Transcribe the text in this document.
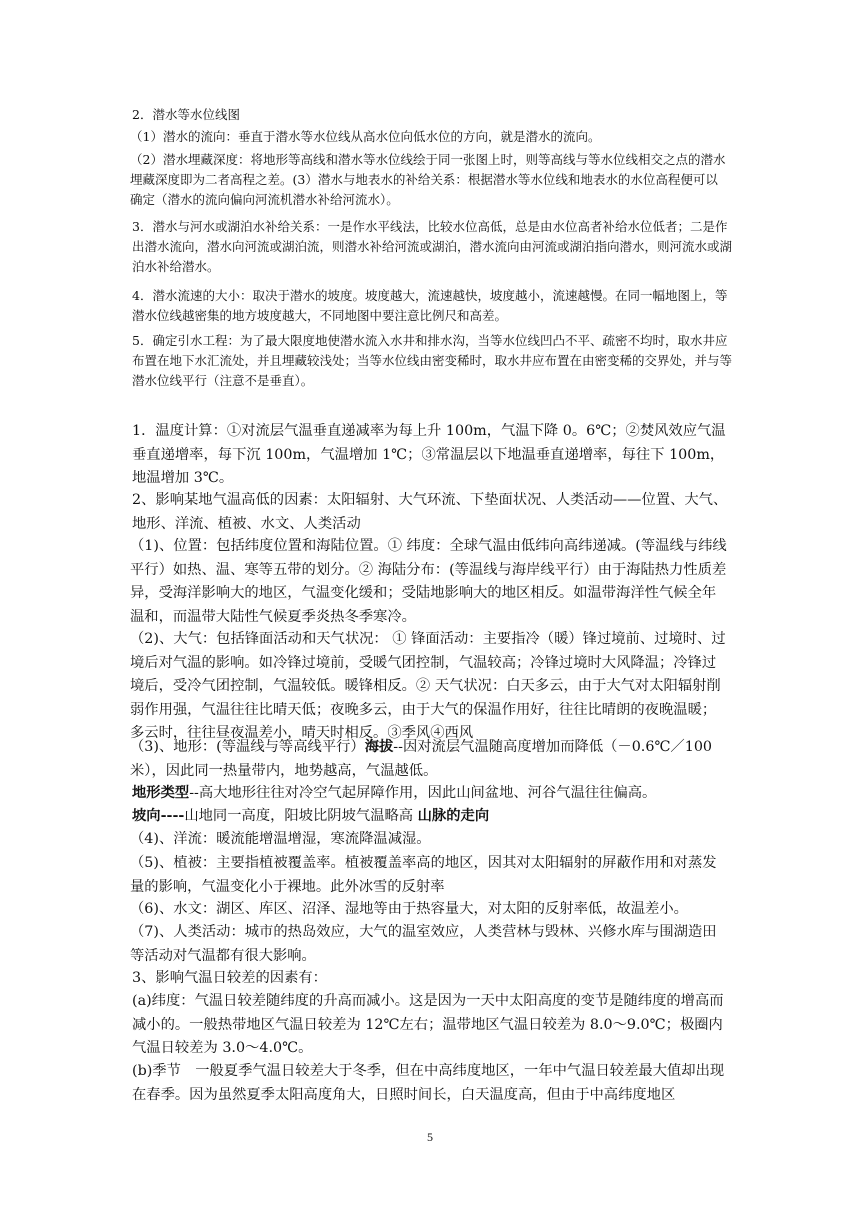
2．潜水等水位线图

（1）潜水的流向：垂直于潜水等水位线从高水位向低水位的方向，就是潜水的流向。

（2）潜水埋藏深度：将地形等高线和潜水等水位线绘于同一张图上时，则等高线与等水位线相交之点的潜水埋藏深度即为二者高程之差。(3）潜水与地表水的补给关系：根据潜水等水位线和地表水的水位高程便可以确定（潜水的流向偏向河流机潜水补给河流水）。

3．潜水与河水或湖泊水补给关系：一是作水平线法，比较水位高低，总是由水位高者补给水位低者；二是作出潜水流向，潜水向河流或湖泊流，则潜水补给河流或湖泊，潜水流向由河流或湖泊指向潜水，则河流水或湖泊水补给潜水。

4．潜水流速的大小：取决于潜水的坡度。坡度越大，流速越快，坡度越小，流速越慢。在同一幅地图上，等潜水位线越密集的地方坡度越大，不同地图中要注意比例尺和高差。

5．确定引水工程：为了最大限度地使潜水流入水井和排水沟，当等水位线凹凸不平、疏密不均时，取水井应布置在地下水汇流处，并且埋藏较浅处；当等水位线由密变稀时，取水井应布置在由密变稀的交界处，并与等潜水位线平行（注意不是垂直）。

1．温度计算：①对流层气温垂直递减率为每上升 100m，气温下降 0。6℃；②焚风效应气温垂直递增率，每下沉 100m，气温增加 1℃；③常温层以下地温垂直递增率，每往下 100m，地温增加 3℃。

2、影响某地气温高低的因素：太阳辐射、大气环流、下垫面状况、人类活动——位置、大气、地形、洋流、植被、水文、人类活动

（1)、位置：包括纬度位置和海陆位置。① 纬度：全球气温由低纬向高纬递减。(等温线与纬线平行）如热、温、寒等五带的划分。② 海陆分布：(等温线与海岸线平行）由于海陆热力性质差异，受海洋影响大的地区，气温变化缓和；受陆地影响大的地区相反。如温带海洋性气候全年温和，而温带大陆性气候夏季炎热冬季寒冷。

（2)、大气：包括锋面活动和天气状况： ① 锋面活动：主要指冷（暖）锋过境前、过境时、过境后对气温的影响。如冷锋过境前，受暖气团控制，气温较高；冷锋过境时大风降温；冷锋过境后，受冷气团控制，气温较低。暖锋相反。② 天气状况：白天多云，由于大气对太阳辐射削弱作用强，气温往往比晴天低；夜晚多云，由于大气的保温作用好，往往比晴朗的夜晚温暖；多云时，往往昼夜温差小，晴天时相反。③季风④西风

（3)、地形：(等温线与等高线平行）海拔--因对流层气温随高度增加而降低（－0.6℃／100 米），因此同一热量带内，地势越高，气温越低。

地形类型--高大地形往往对冷空气起屏障作用，因此山间盆地、河谷气温往往偏高。

坡向----山地同一高度，阳坡比阴坡气温略高 山脉的走向

（4)、洋流：暖流能增温增湿，寒流降温减湿。

（5)、植被：主要指植被覆盖率。植被覆盖率高的地区，因其对太阳辐射的屏蔽作用和对蒸发量的影响，气温变化小于裸地。此外冰雪的反射率

（6)、水文：湖区、库区、沼泽、湿地等由于热容量大，对太阳的反射率低，故温差小。

（7)、人类活动：城市的热岛效应，大气的温室效应，人类营林与毁林、兴修水库与围湖造田等活动对气温都有很大影响。

3、影响气温日较差的因素有：

(a)纬度：气温日较差随纬度的升高而减小。这是因为一天中太阳高度的变节是随纬度的增高而减小的。一般热带地区气温日较差为 12℃左右；温带地区气温日较差为 8.0～9.0℃；极圈内气温日较差为 3.0～4.0℃。

(b)季节　一般夏季气温日较差大于冬季，但在中高纬度地区，一年中气温日较差最大值却出现在春季。因为虽然夏季太阳高度角大，日照时间长，白天温度高，但由于中高纬度地区

5
